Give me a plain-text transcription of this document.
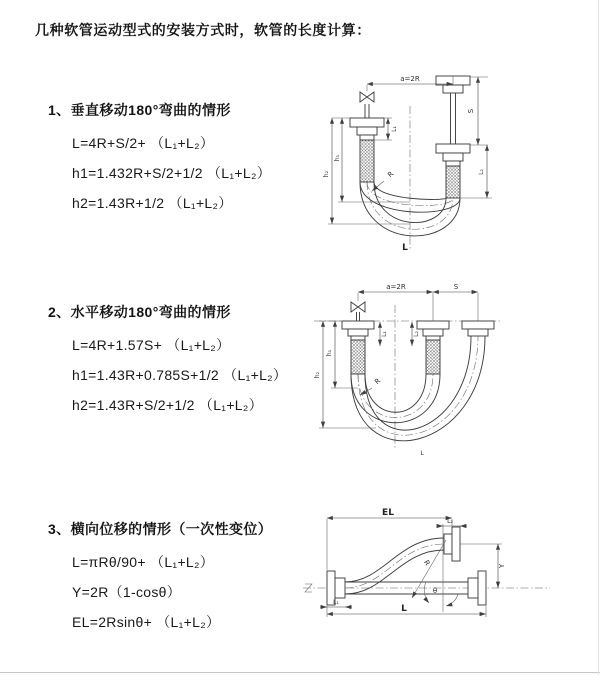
几种软管运动型式的安装方式时，软管的长度计算：
1、垂直移动180°弯曲的情形
L=4R+S/2+ （L₁+L₂）
h1=1.432R+S/2+1/2 （L₁+L₂）
h2=1.43R+1/2 （L₁+L₂）
2、水平移动180°弯曲的情形
L=4R+1.57S+ （L₁+L₂）
h1=1.43R+0.785S+1/2 （L₁+L₂）
h2=1.43R+S/2+1/2 （L₁+L₂）
3、横向位移的情形（一次性变位）
L=πRθ/90+ （L₁+L₂）
Y=2R（1-cosθ）
EL=2Rsinθ+ （L₁+L₂）
a=2R
S
L₂
L₁
h₁
h₂	R
L
a=2R	S
L₁	L₂
h₁
h₂
R
L
EL
L₂
Y
L
L₁
R
θ
